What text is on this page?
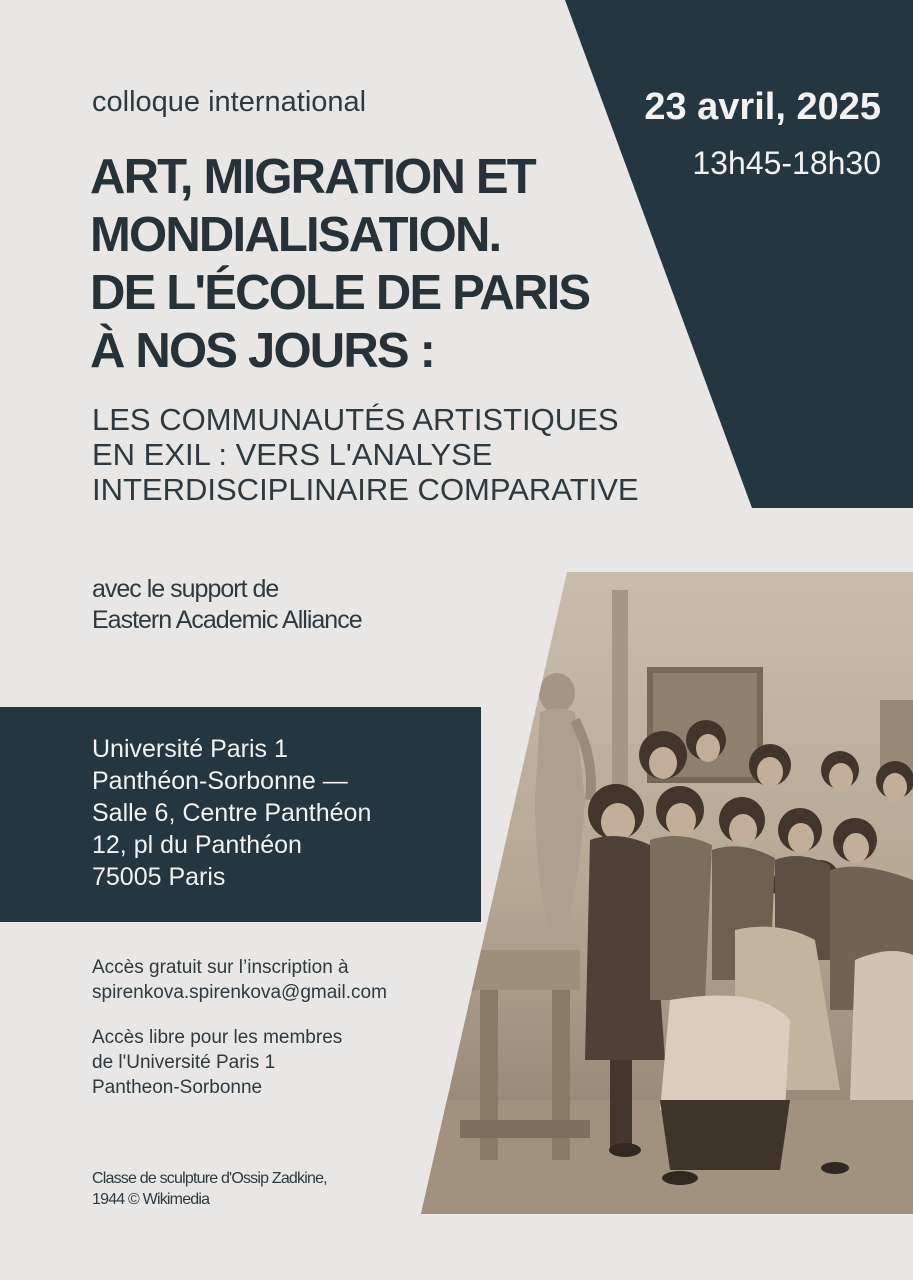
colloque international
ART, MIGRATION ET
MONDIALISATION.
DE L'ÉCOLE DE PARIS
À NOS JOURS :
LES COMMUNAUTÉS ARTISTIQUES
EN EXIL : VERS L'ANALYSE
INTERDISCIPLINAIRE COMPARATIVE
23 avril, 2025
13h45-18h30
avec le support de
Eastern Academic Alliance
Université Paris 1
Panthéon-Sorbonne —
Salle 6, Centre Panthéon
12, pl du Panthéon
75005 Paris
Accès gratuit sur l’inscription à
spirenkova.spirenkova@gmail.com
Accès libre pour les membres
de l'Université Paris 1
Pantheon-Sorbonne
Classe de sculpture d'Ossip Zadkine,
1944 © Wikimedia
